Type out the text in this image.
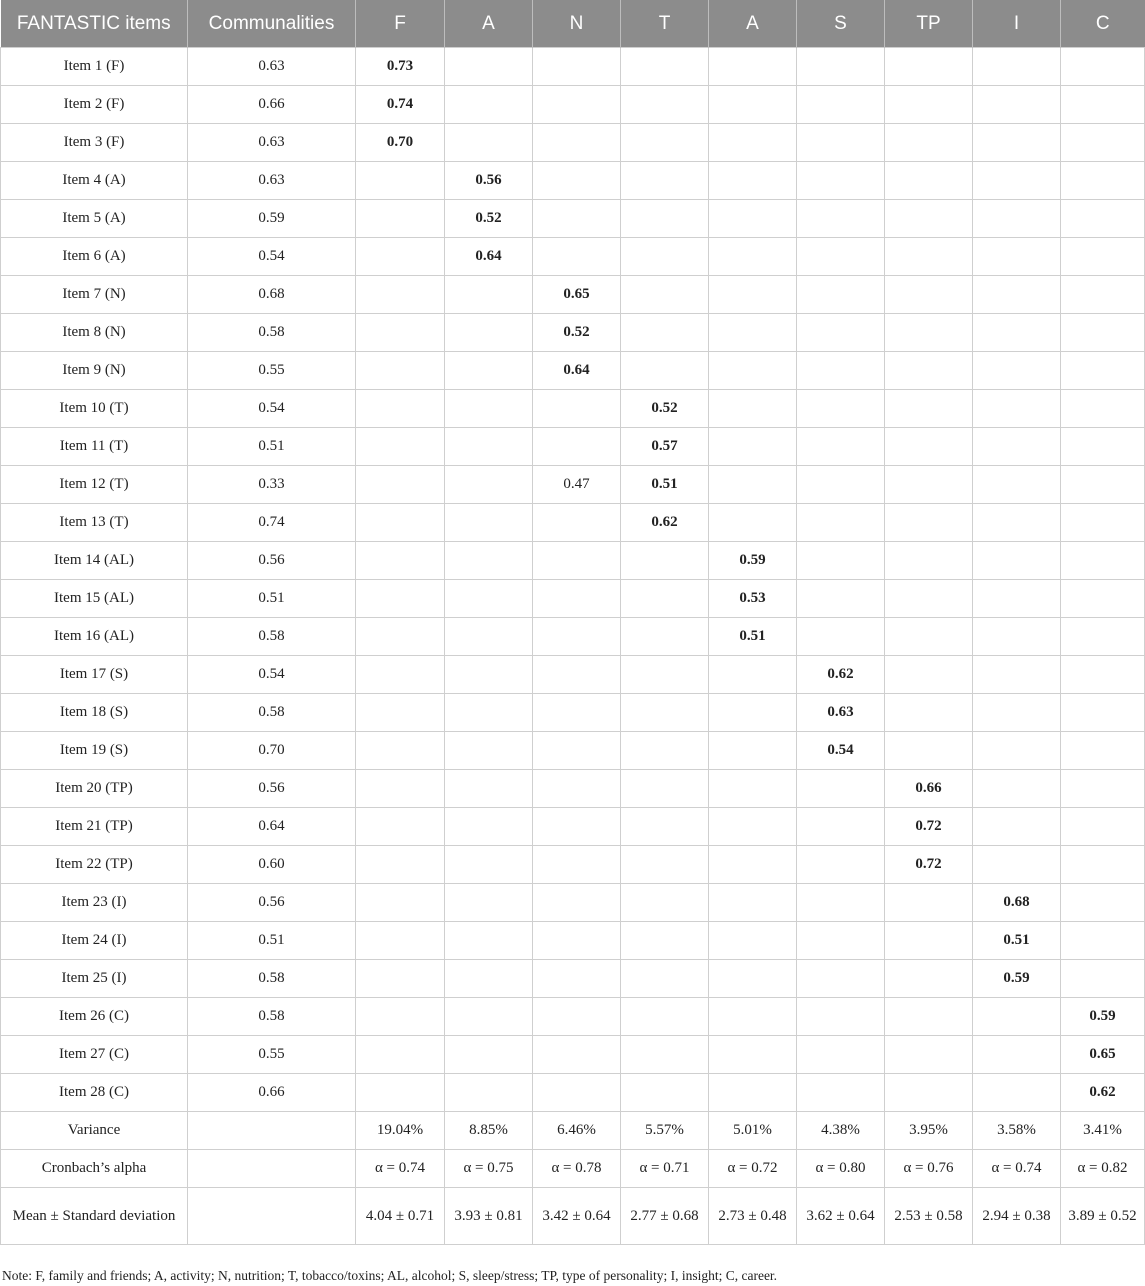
FANTASTIC items	Communalities	F	A	N	T	A	S	TP	I	C
Item 1 (F)	0.63	0.73								
Item 2 (F)	0.66	0.74								
Item 3 (F)	0.63	0.70								
Item 4 (A)	0.63		0.56							
Item 5 (A)	0.59		0.52							
Item 6 (A)	0.54		0.64							
Item 7 (N)	0.68			0.65						
Item 8 (N)	0.58			0.52						
Item 9 (N)	0.55			0.64						
Item 10 (T)	0.54				0.52					
Item 11 (T)	0.51				0.57					
Item 12 (T)	0.33			0.47	0.51					
Item 13 (T)	0.74				0.62					
Item 14 (AL)	0.56					0.59				
Item 15 (AL)	0.51					0.53				
Item 16 (AL)	0.58					0.51				
Item 17 (S)	0.54						0.62			
Item 18 (S)	0.58						0.63			
Item 19 (S)	0.70						0.54			
Item 20 (TP)	0.56							0.66		
Item 21 (TP)	0.64							0.72		
Item 22 (TP)	0.60							0.72		
Item 23 (I)	0.56								0.68	
Item 24 (I)	0.51								0.51	
Item 25 (I)	0.58								0.59	
Item 26 (C)	0.58									0.59
Item 27 (C)	0.55									0.65
Item 28 (C)	0.66									0.62
Variance		19.04%	8.85%	6.46%	5.57%	5.01%	4.38%	3.95%	3.58%	3.41%
Cronbach’s alpha		α = 0.74	α = 0.75	α = 0.78	α = 0.71	α = 0.72	α = 0.80	α = 0.76	α = 0.74	α = 0.82
Mean ± Standard deviation		4.04 ± 0.71	3.93 ± 0.81	3.42 ± 0.64	2.77 ± 0.68	2.73 ± 0.48	3.62 ± 0.64	2.53 ± 0.58	2.94 ± 0.38	3.89 ± 0.52
Note: F, family and friends; A, activity; N, nutrition; T, tobacco/toxins; AL, alcohol; S, sleep/stress; TP, type of personality; I, insight; C, career.
